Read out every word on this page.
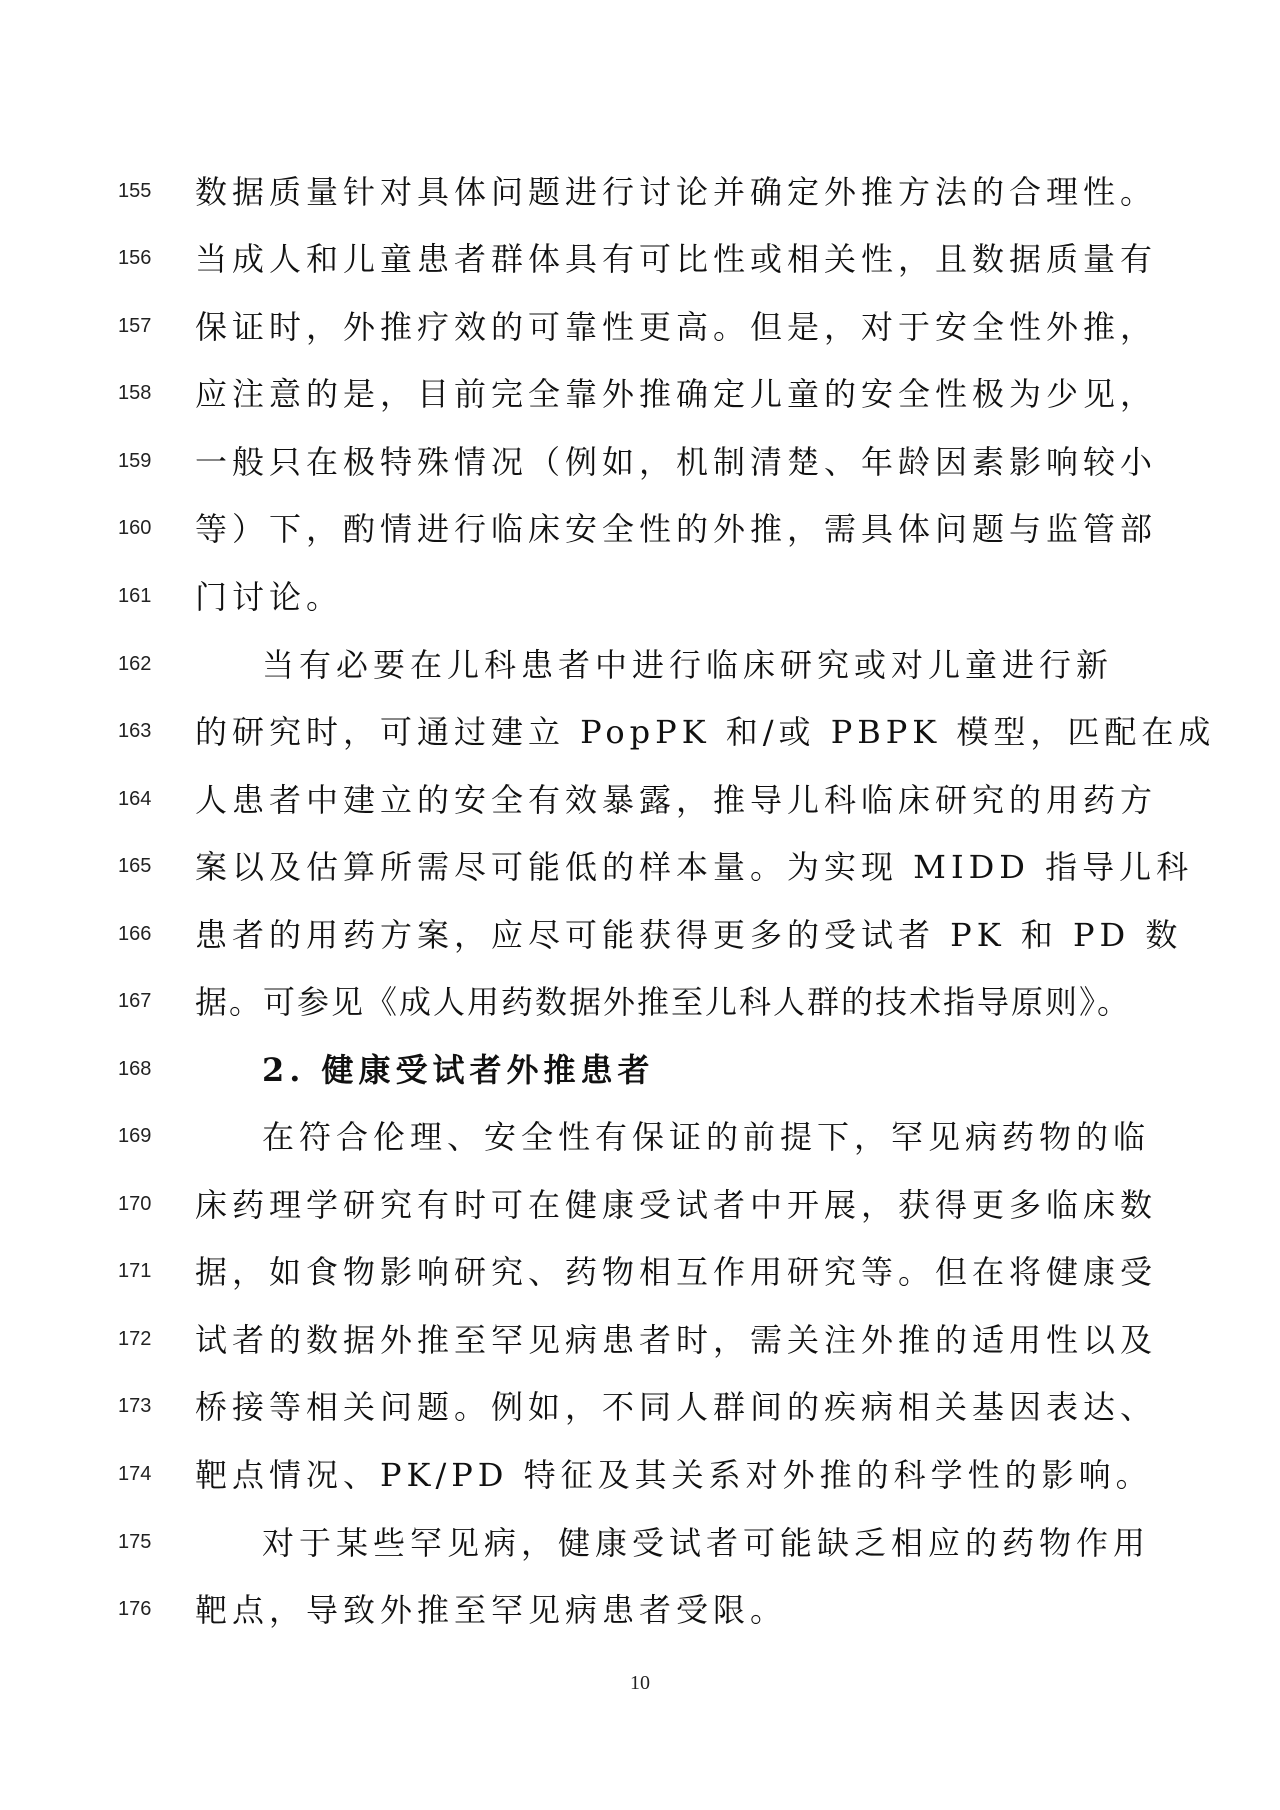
155	数据质量针对具体问题进行讨论并确定外推方法的合理性。
156	当成人和儿童患者群体具有可比性或相关性，且数据质量有
157	保证时，外推疗效的可靠性更高。但是，对于安全性外推，
158	应注意的是，目前完全靠外推确定儿童的安全性极为少见，
159	一般只在极特殊情况（例如，机制清楚、年龄因素影响较小
160	等）下，酌情进行临床安全性的外推，需具体问题与监管部
161	门讨论。
162	当有必要在儿科患者中进行临床研究或对儿童进行新
163	的研究时，可通过建立 PopPK 和/或 PBPK 模型，匹配在成
164	人患者中建立的安全有效暴露，推导儿科临床研究的用药方
165	案以及估算所需尽可能低的样本量。为实现 MIDD 指导儿科
166	患者的用药方案，应尽可能获得更多的受试者 PK 和 PD 数
167	据。可参见《成人用药数据外推至儿科人群的技术指导原则》。
168	2. 健康受试者外推患者
169	在符合伦理、安全性有保证的前提下，罕见病药物的临
170	床药理学研究有时可在健康受试者中开展，获得更多临床数
171	据，如食物影响研究、药物相互作用研究等。但在将健康受
172	试者的数据外推至罕见病患者时，需关注外推的适用性以及
173	桥接等相关问题。例如，不同人群间的疾病相关基因表达、
174	靶点情况、PK/PD 特征及其关系对外推的科学性的影响。
175	对于某些罕见病，健康受试者可能缺乏相应的药物作用
176	靶点，导致外推至罕见病患者受限。
10
